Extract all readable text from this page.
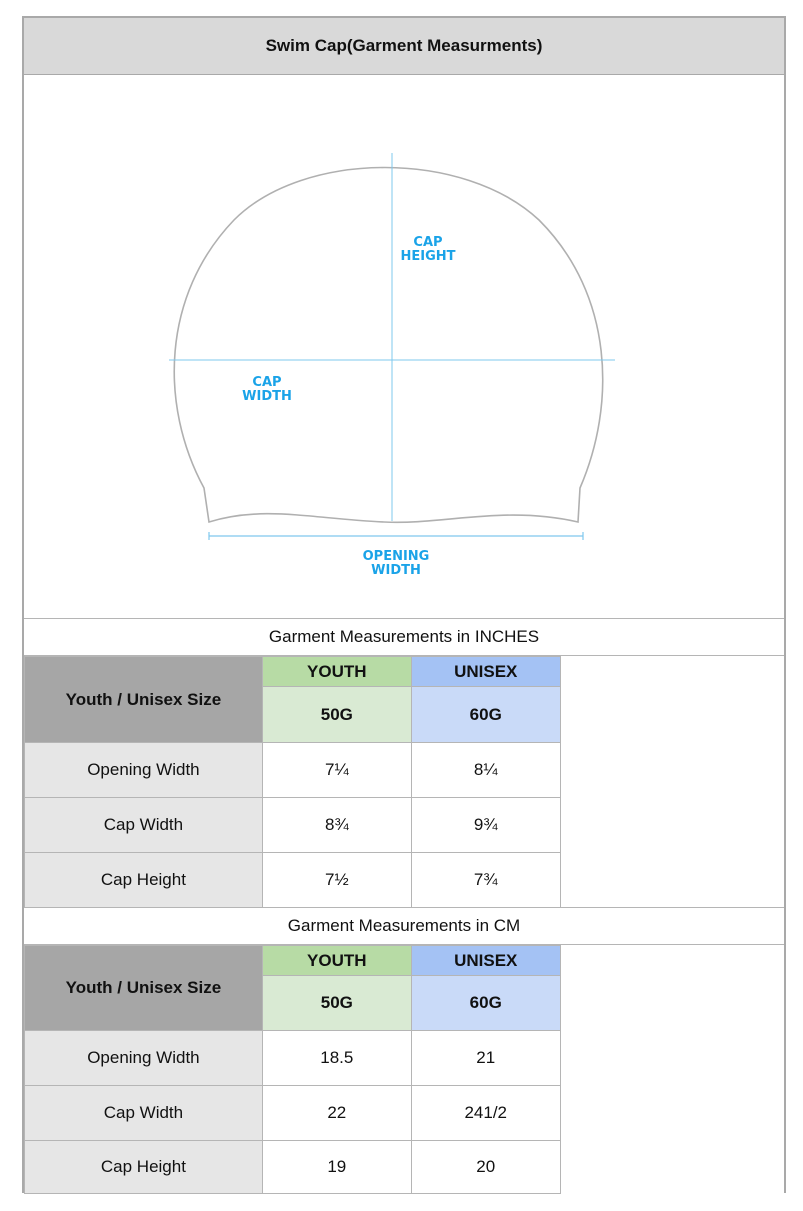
Swim Cap(Garment Measurments)
CAP
HEIGHT
CAP
WIDTH
OPENING
WIDTH
Garment Measurements in INCHES
Youth / Unisex Size	YOUTH	UNISEX	
	50G	60G	
Opening Width	7¼	8¼	
Cap Width	8¾	9¾	
Cap Height	7½	7¾	
Garment Measurements in CM
Youth / Unisex Size	YOUTH	UNISEX	
	50G	60G	
Opening Width	18.5	21	
Cap Width	22	241/2	
Cap Height	19	20	
